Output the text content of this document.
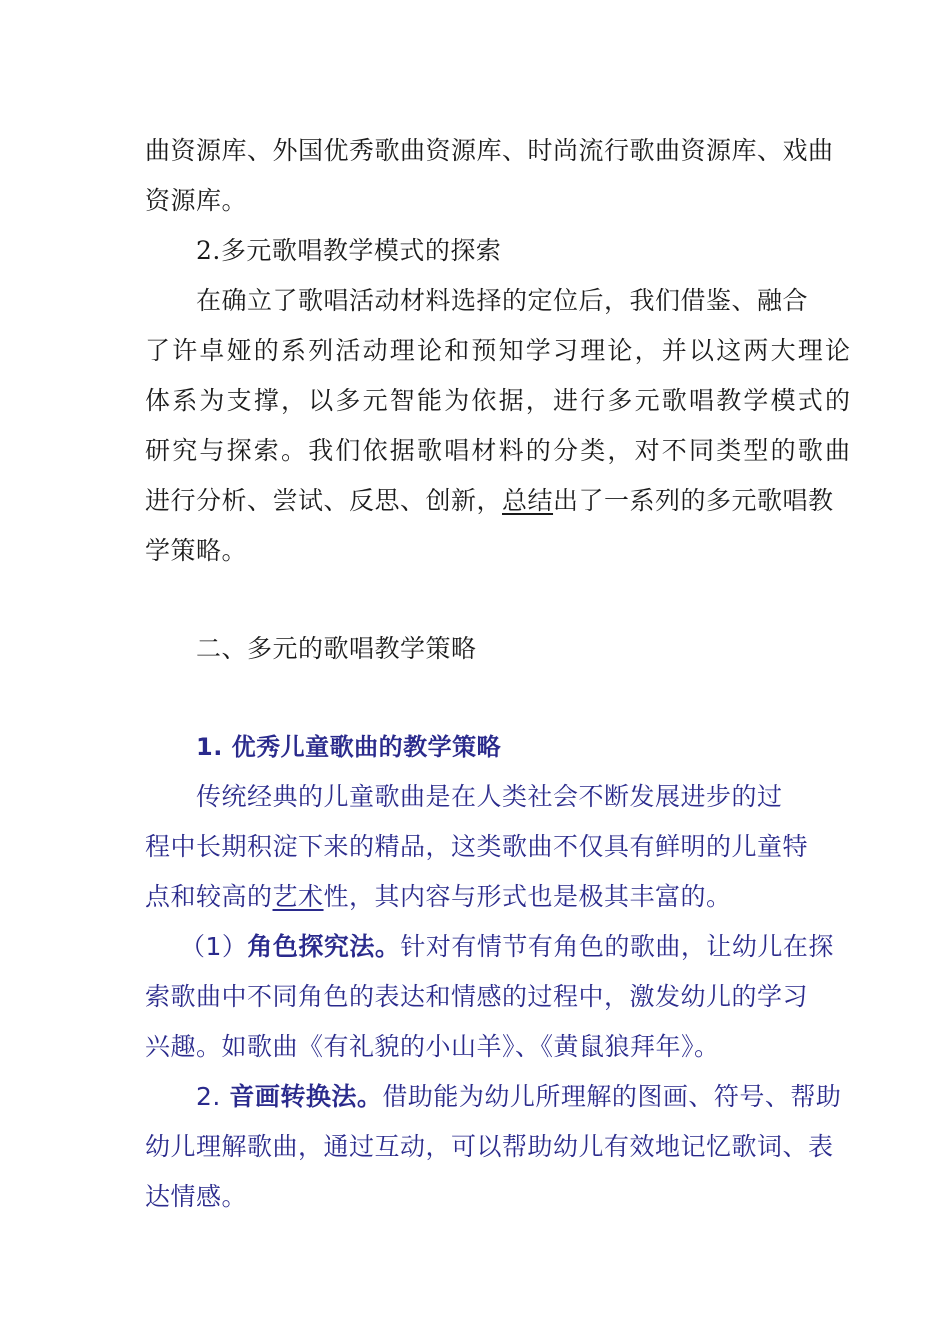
曲资源库、外国优秀歌曲资源库、时尚流行歌曲资源库、戏曲
资源库。
2.多元歌唱教学模式的探索
在确立了歌唱活动材料选择的定位后，我们借鉴、融合
了许卓娅的系列活动理论和预知学习理论，并以这两大理论
体系为支撑，以多元智能为依据，进行多元歌唱教学模式的
研究与探索。我们依据歌唱材料的分类，对不同类型的歌曲
进行分析、尝试、反思、创新，总结出了一系列的多元歌唱教
学策略。
二、多元的歌唱教学策略
1. 优秀儿童歌曲的教学策略
传统经典的儿童歌曲是在人类社会不断发展进步的过
程中长期积淀下来的精品，这类歌曲不仅具有鲜明的儿童特
点和较高的艺术性，其内容与形式也是极其丰富的。
（1）角色探究法。针对有情节有角色的歌曲，让幼儿在探
索歌曲中不同角色的表达和情感的过程中，激发幼儿的学习
兴趣。如歌曲《有礼貌的小山羊》、《黄鼠狼拜年》。
2. 音画转换法。借助能为幼儿所理解的图画、符号、帮助
幼儿理解歌曲，通过互动，可以帮助幼儿有效地记忆歌词、表
达情感。
